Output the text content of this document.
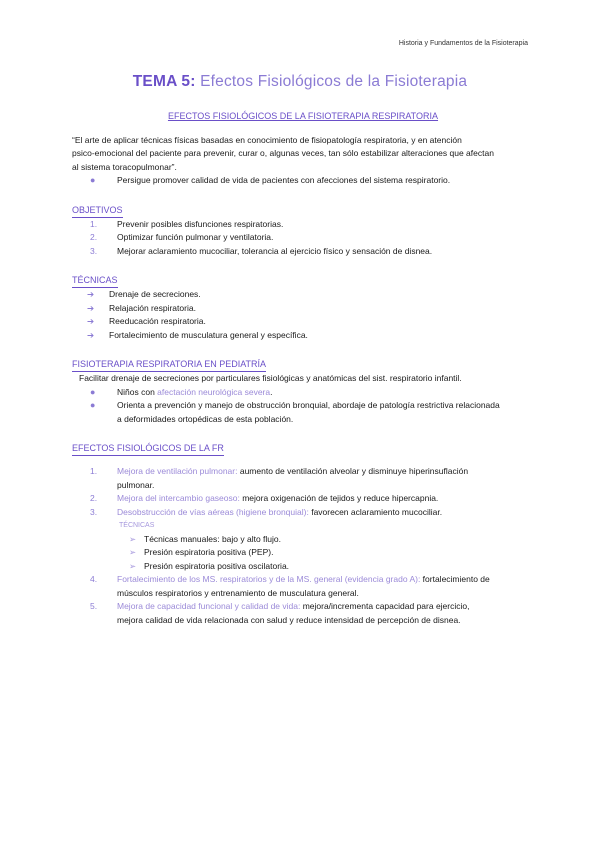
Historia y Fundamentos de la Fisioterapia
TEMA 5: Efectos Fisiológicos de la Fisioterapia
EFECTOS FISIOLÓGICOS DE LA FISIOTERAPIA RESPIRATORIA

“El arte de aplicar técnicas físicas basadas en conocimiento de fisiopatología respiratoria, y en atención
psico-emocional del paciente para prevenir, curar o, algunas veces, tan sólo estabilizar alteraciones que afectan
al sistema toracopulmonar”.

●	Persigue promover calidad de vida de pacientes con afecciones del sistema respiratorio.
OBJETIVOS
1. Prevenir posibles disfunciones respiratorias.
2. Optimizar función pulmonar y ventilatoria.
3. Mejorar aclaramiento mucociliar, tolerancia al ejercicio físico y sensación de disnea.
TÉCNICAS
➔ Drenaje de secreciones.
➔ Relajación respiratoria.
➔ Reeducación respiratoria.
➔ Fortalecimiento de musculatura general y específica.
FISIOTERAPIA RESPIRATORIA EN PEDIATRÍA
Facilitar drenaje de secreciones por particulares fisiológicas y anatómicas del sist. respiratorio infantil.
●	Niños con afectación neurológica severa.
●	Orienta a prevención y manejo de obstrucción bronquial, abordaje de patología restrictiva relacionada
a deformidades ortopédicas de esta población.
EFECTOS FISIOLÓGICOS DE LA FR
1. Mejora de ventilación pulmonar: aumento de ventilación alveolar y disminuye hiperinsuflación
pulmonar.
2. Mejora del intercambio gaseoso: mejora oxigenación de tejidos y reduce hipercapnia.
3. Desobstrucción de vías aéreas (higiene bronquial): favorecen aclaramiento mucociliar.
TÉCNICAS
➢ Técnicas manuales: bajo y alto flujo.
➢ Presión espiratoria positiva (PEP).
➢ Presión espiratoria positiva oscilatoria.
4. Fortalecimiento de los MS. respiratorios y de la MS. general (evidencia grado A): fortalecimiento de
músculos respiratorios y entrenamiento de musculatura general.
5. Mejora de capacidad funcional y calidad de vida: mejora/incrementa capacidad para ejercicio,
mejora calidad de vida relacionada con salud y reduce intensidad de percepción de disnea.
